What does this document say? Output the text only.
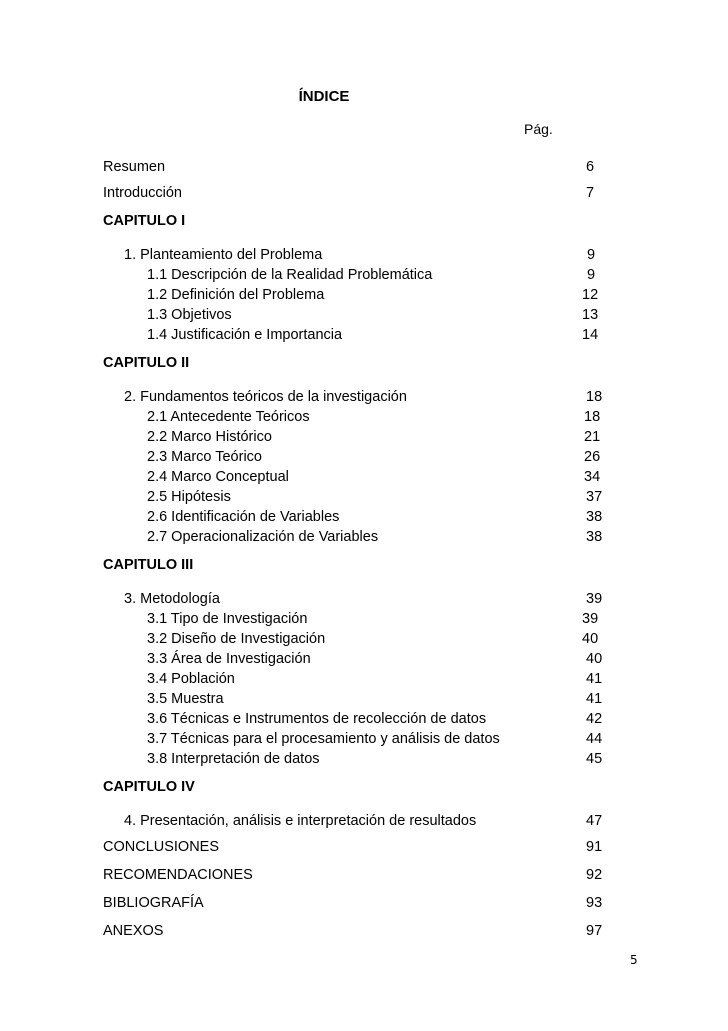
ÍNDICE
Pág.
Resumen	6
Introducción	7
CAPITULO I
1. Planteamiento del Problema	9
1.1 Descripción de la Realidad Problemática	9
1.2 Definición del Problema	12
1.3 Objetivos	13
1.4 Justificación e Importancia	14
CAPITULO II
2. Fundamentos teóricos de la investigación	18
2.1 Antecedente Teóricos	18
2.2 Marco Histórico	21
2.3 Marco Teórico	26
2.4 Marco Conceptual	34
2.5 Hipótesis	37
2.6 Identificación de Variables	38
2.7 Operacionalización de Variables	38
CAPITULO III
3. Metodología	39
3.1 Tipo de Investigación	39
3.2 Diseño de Investigación	40
3.3 Área de Investigación	40
3.4 Población	41
3.5 Muestra	41
3.6 Técnicas e Instrumentos de recolección de datos	42
3.7 Técnicas para el procesamiento y análisis de datos	44
3.8 Interpretación de datos	45
CAPITULO IV
4. Presentación, análisis e interpretación de resultados	47
CONCLUSIONES	91
RECOMENDACIONES	92
BIBLIOGRAFÍA	93
ANEXOS	97
5
